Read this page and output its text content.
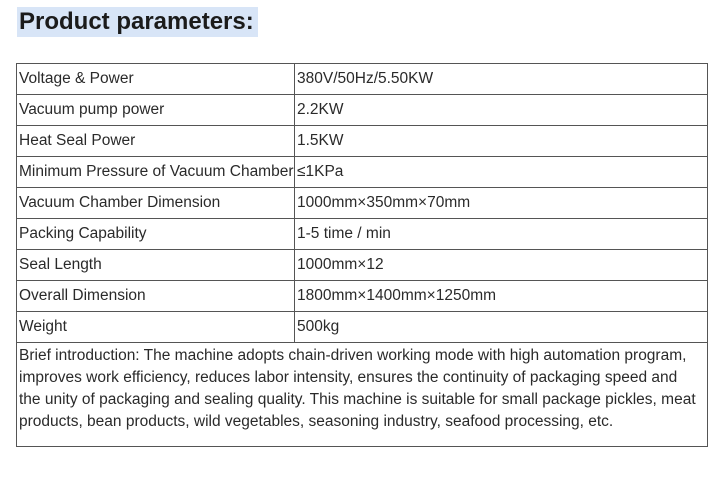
Product parameters:
Voltage & Power	380V/50Hz/5.50KW
Vacuum pump power	2.2KW
Heat Seal Power	1.5KW
Minimum Pressure of Vacuum Chamber	≤1KPa
Vacuum Chamber Dimension	1000mm×350mm×70mm
Packing Capability	1-5 time / min
Seal Length	1000mm×12
Overall Dimension	1800mm×1400mm×1250mm
Weight	500kg
Brief introduction: The machine adopts chain-driven working mode with high automation program, improves work efficiency, reduces labor intensity, ensures the continuity of packaging speed and the unity of packaging and sealing quality. This machine is suitable for small package pickles, meat products, bean products, wild vegetables, seasoning industry, seafood processing, etc.	
